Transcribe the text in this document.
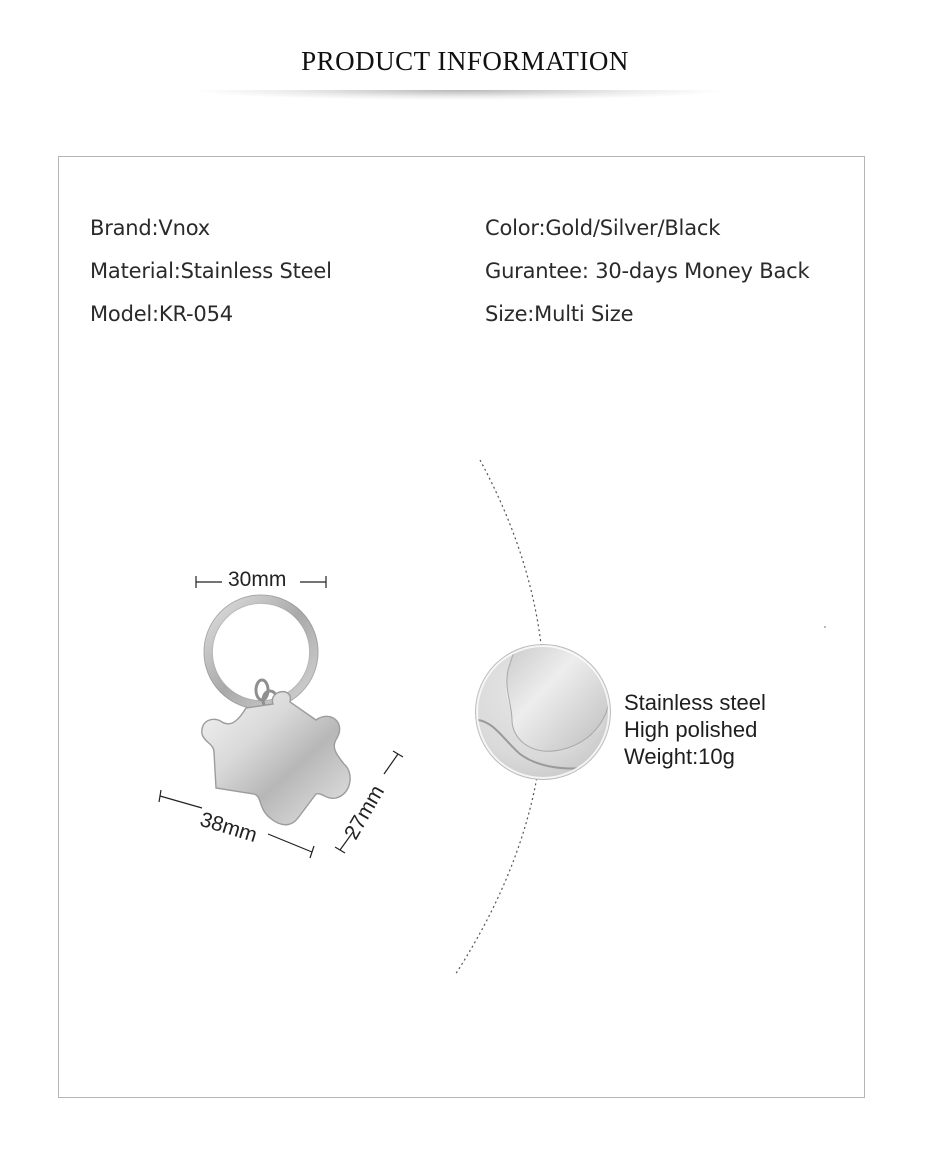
PRODUCT INFORMATION
Brand:Vnox
Material:Stainless Steel
Model:KR-054
Color:Gold/Silver/Black
Gurantee: 30-days Money Back
Size:Multi Size
30mm
38mm	27mm
Stainless steel
High polished
Weight:10g
